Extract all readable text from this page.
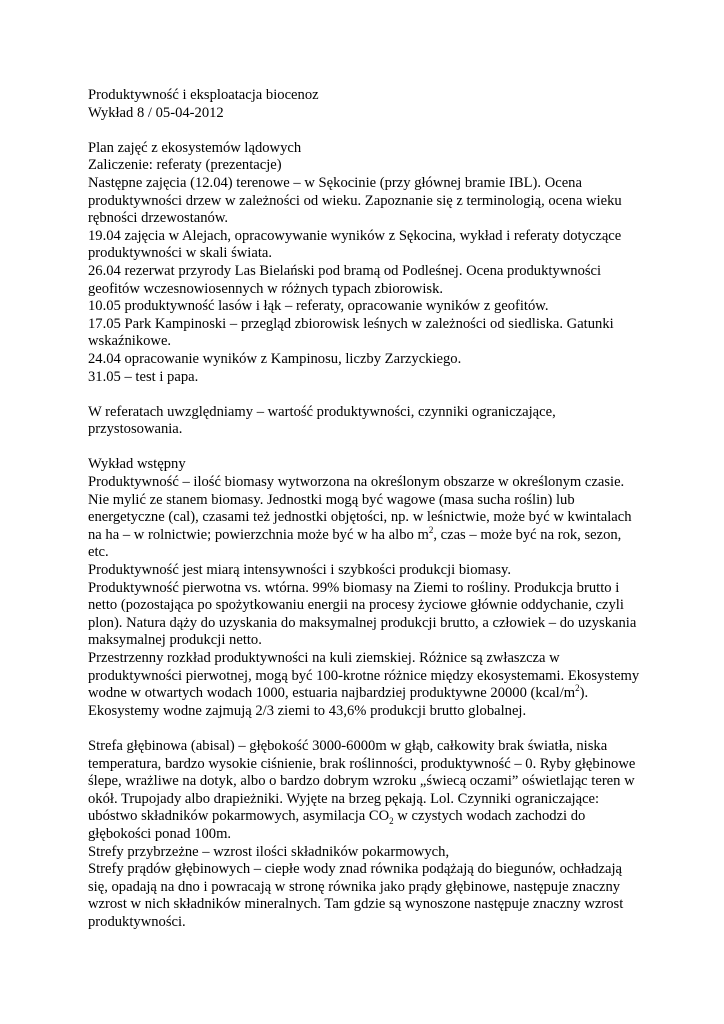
Produktywność i eksploatacja biocenoz
Wykład 8 / 05-04-2012
Plan zajęć z ekosystemów lądowych
Zaliczenie: referaty (prezentacje)
Następne zajęcia (12.04) terenowe – w Sękocinie (przy głównej bramie IBL). Ocena
produktywności drzew w zależności od wieku. Zapoznanie się z terminologią, ocena wieku
rębności drzewostanów.
19.04 zajęcia w Alejach, opracowywanie wyników z Sękocina, wykład i referaty dotyczące
produktywności w skali świata.
26.04 rezerwat przyrody Las Bielański pod bramą od Podleśnej. Ocena produktywności
geofitów wczesnowiosennych w różnych typach zbiorowisk.
10.05 produktywność lasów i łąk – referaty, opracowanie wyników z geofitów.
17.05 Park Kampinoski – przegląd zbiorowisk leśnych w zależności od siedliska. Gatunki
wskaźnikowe.
24.04 opracowanie wyników z Kampinosu, liczby Zarzyckiego.
31.05 – test i papa.
W referatach uwzględniamy – wartość produktywności, czynniki ograniczające,
przystosowania.
Wykład wstępny
Produktywność – ilość biomasy wytworzona na określonym obszarze w określonym czasie.
Nie mylić ze stanem biomasy. Jednostki mogą być wagowe (masa sucha roślin) lub
energetyczne (cal), czasami też jednostki objętości, np. w leśnictwie, może być w kwintalach
na ha – w rolnictwie; powierzchnia może być w ha albo $m^2$, czas – może być na rok, sezon,
etc.
Produktywność jest miarą intensywności i szybkości produkcji biomasy.
Produktywność pierwotna vs. wtórna. 99% biomasy na Ziemi to rośliny. Produkcja brutto i
netto (pozostająca po spożytkowaniu energii na procesy życiowe głównie oddychanie, czyli
plon). Natura dąży do uzyskania do maksymalnej produkcji brutto, a człowiek – do uzyskania
maksymalnej produkcji netto.
Przestrzenny rozkład produktywności na kuli ziemskiej. Różnice są zwłaszcza w
produktywności pierwotnej, mogą być 100-krotne różnice między ekosystemami. Ekosystemy
wodne w otwartych wodach 1000, estuaria najbardziej produktywne 20000 $(kcal/m^2)$.
Ekosystemy wodne zajmują 2/3 ziemi to 43,6% produkcji brutto globalnej.
Strefa głębinowa (abisal) – głębokość 3000-6000m w głąb, całkowity brak światła, niska
temperatura, bardzo wysokie ciśnienie, brak roślinności, produktywność – 0. Ryby głębinowe
ślepe, wrażliwe na dotyk, albo o bardzo dobrym wzroku „świecą oczami” oświetlając teren w
okół. Trupojady albo drapieżniki. Wyjęte na brzeg pękają. Lol. Czynniki ograniczające:
ubóstwo składników pokarmowych, asymilacja $CO_2$ w czystych wodach zachodzi do
głębokości ponad 100m.
Strefy przybrzeżne – wzrost ilości składników pokarmowych,
Strefy prądów głębinowych – ciepłe wody znad równika podążają do biegunów, ochładzają
się, opadają na dno i powracają w stronę równika jako prądy głębinowe, następuje znaczny
wzrost w nich składników mineralnych. Tam gdzie są wynoszone następuje znaczny wzrost
produktywności.
